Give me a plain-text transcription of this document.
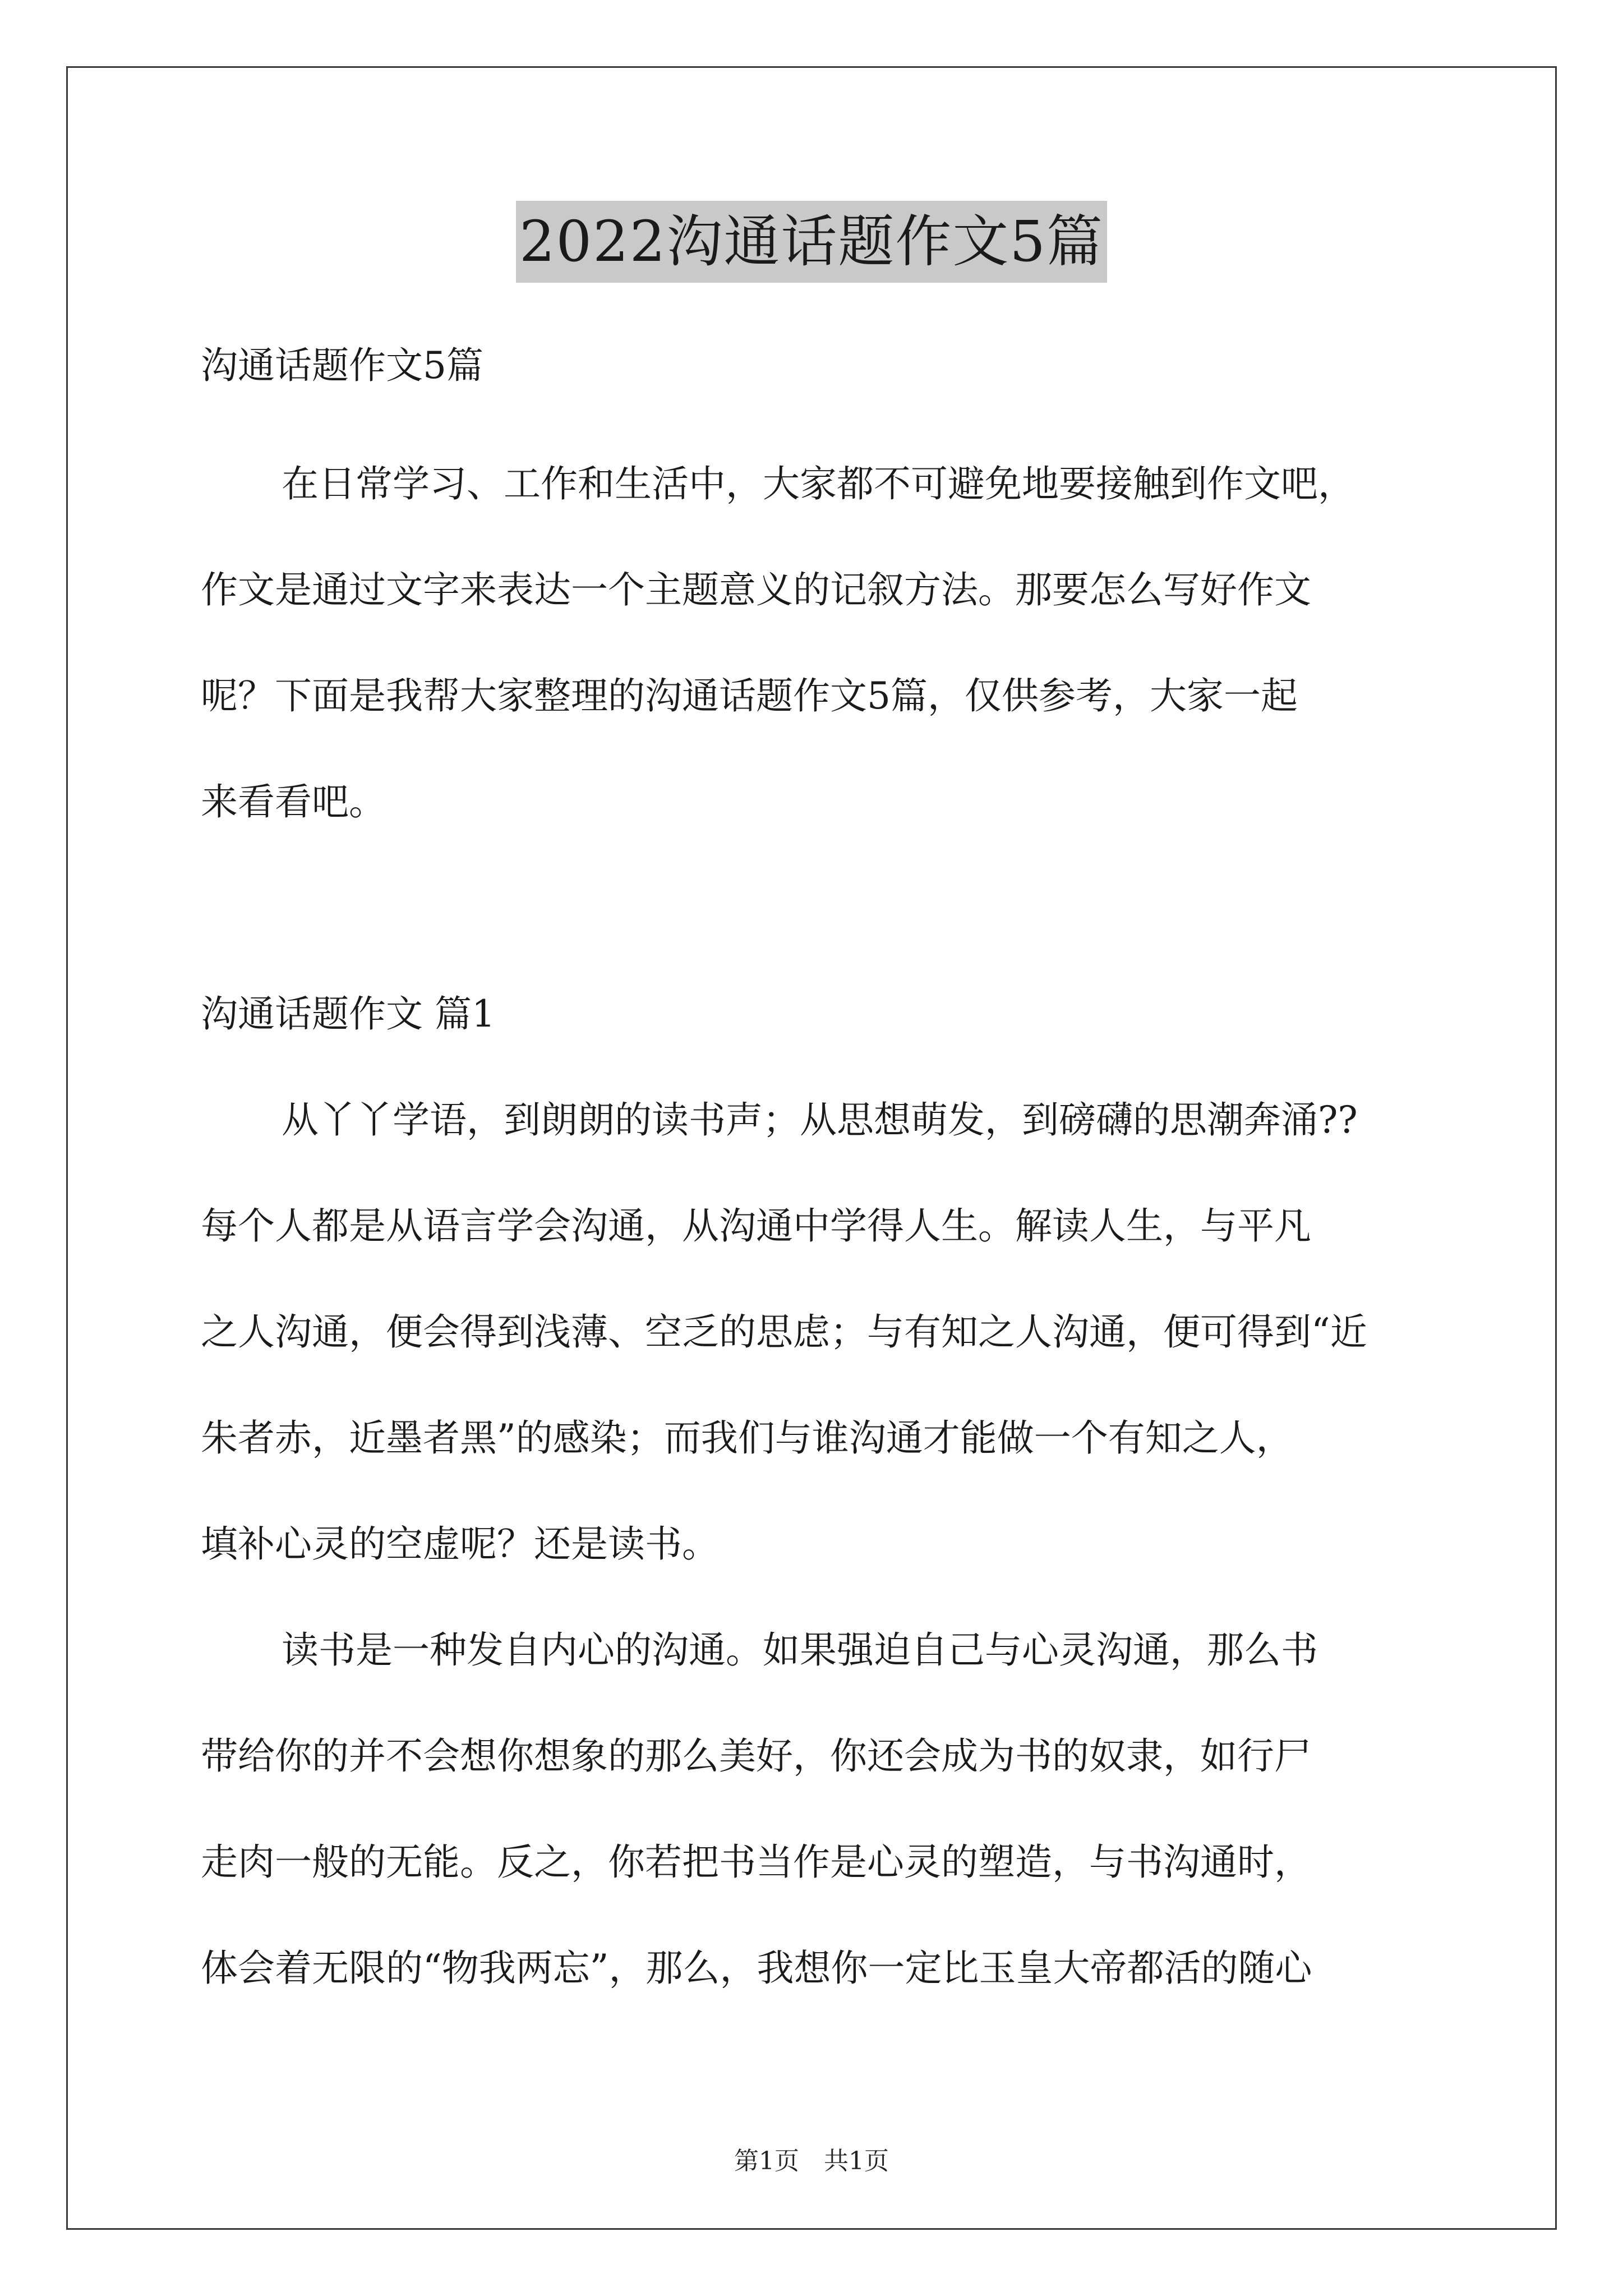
2022沟通话题作文5篇
沟通话题作文5篇
在日常学习、工作和生活中，大家都不可避免地要接触到作文吧，
作文是通过文字来表达一个主题意义的记叙方法。那要怎么写好作文
呢？下面是我帮大家整理的沟通话题作文5篇，仅供参考，大家一起
来看看吧。
沟通话题作文 篇1
从丫丫学语，到朗朗的读书声；从思想萌发，到磅礴的思潮奔涌??
每个人都是从语言学会沟通，从沟通中学得人生。解读人生，与平凡
之人沟通，便会得到浅薄、空乏的思虑；与有知之人沟通，便可得到“近
朱者赤，近墨者黑”的感染；而我们与谁沟通才能做一个有知之人，
填补心灵的空虚呢？还是读书。
读书是一种发自内心的沟通。如果强迫自己与心灵沟通，那么书
带给你的并不会想你想象的那么美好，你还会成为书的奴隶，如行尸
走肉一般的无能。反之，你若把书当作是心灵的塑造，与书沟通时，
体会着无限的“物我两忘”，那么，我想你一定比玉皇大帝都活的随心
第1页　共1页
